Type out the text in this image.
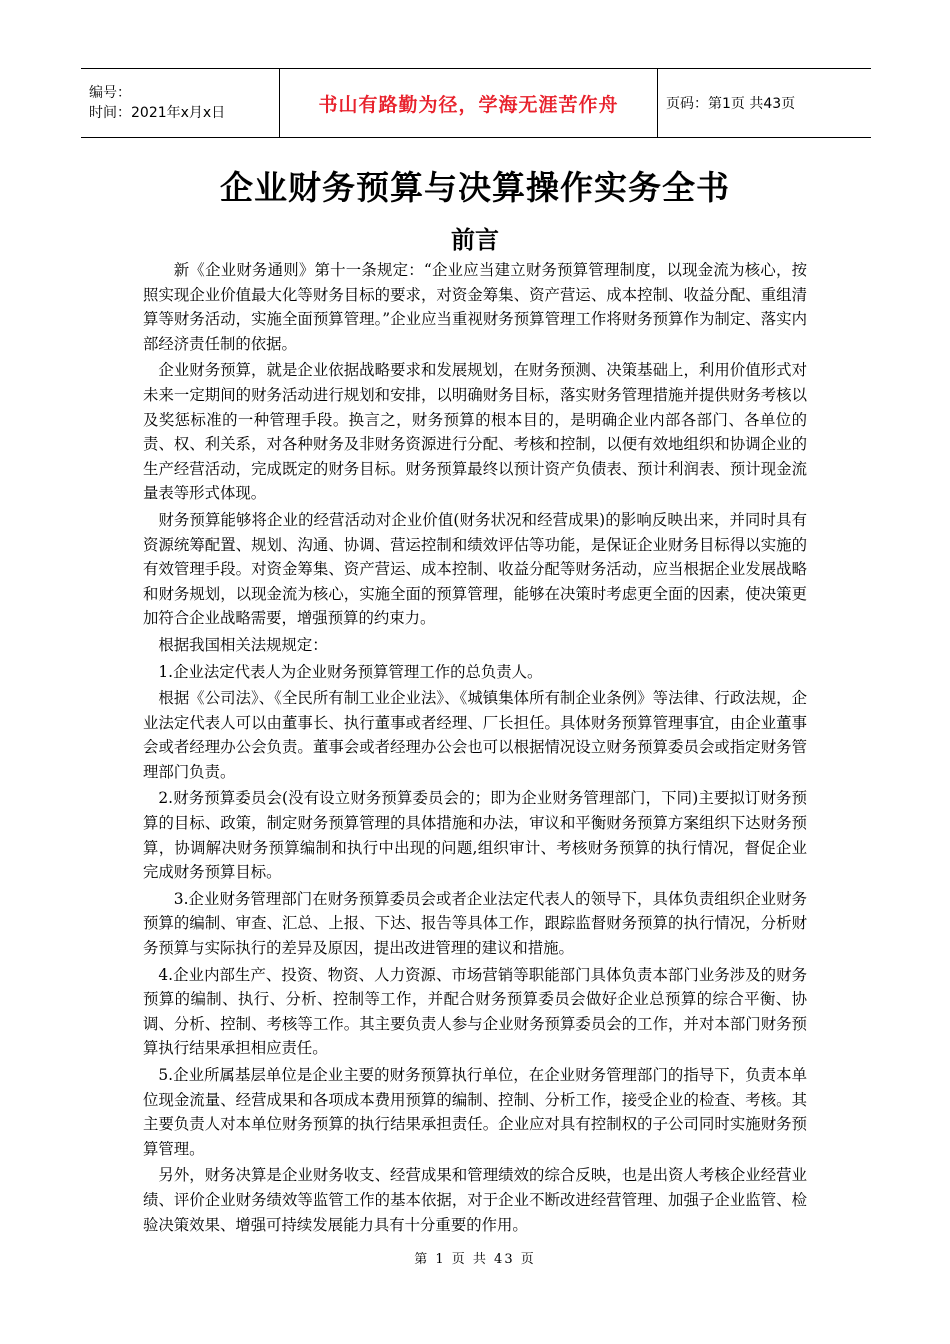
编号：
时间：2021年x月x日	书山有路勤为径，学海无涯苦作舟	页码：第1页 共43页
企业财务预算与决算操作实务全书
前言

新《企业财务通则》第十一条规定：“企业应当建立财务预算管理制度，以现金流为核心，按照实现企业价值最大化等财务目标的要求，对资金筹集、资产营运、成本控制、收益分配、重组清算等财务活动，实施全面预算管理。”企业应当重视财务预算管理工作将财务预算作为制定、落实内部经济责任制的依据。

企业财务预算，就是企业依据战略要求和发展规划，在财务预测、决策基础上，利用价值形式对未来一定期间的财务活动进行规划和安排，以明确财务目标，落实财务管理措施并提供财务考核以及奖惩标准的一种管理手段。换言之，财务预算的根本目的，是明确企业内部各部门、各单位的责、权、利关系，对各种财务及非财务资源进行分配、考核和控制，以便有效地组织和协调企业的生产经营活动，完成既定的财务目标。财务预算最终以预计资产负债表、预计利润表、预计现金流量表等形式体现。

财务预算能够将企业的经营活动对企业价值(财务状况和经营成果)的影响反映出来，并同时具有资源统筹配置、规划、沟通、协调、营运控制和绩效评估等功能，是保证企业财务目标得以实施的有效管理手段。对资金筹集、资产营运、成本控制、收益分配等财务活动，应当根据企业发展战略和财务规划，以现金流为核心，实施全面的预算管理，能够在决策时考虑更全面的因素，使决策更加符合企业战略需要，增强预算的约束力。

根据我国相关法规规定：

1.企业法定代表人为企业财务预算管理工作的总负责人。

根据《公司法》、《全民所有制工业企业法》、《城镇集体所有制企业条例》等法律、行政法规，企业法定代表人可以由董事长、执行董事或者经理、厂长担任。具体财务预算管理事宜，由企业董事会或者经理办公会负责。董事会或者经理办公会也可以根据情况设立财务预算委员会或指定财务管理部门负责。

2.财务预算委员会(没有设立财务预算委员会的；即为企业财务管理部门，下同)主要拟订财务预算的目标、政策，制定财务预算管理的具体措施和办法，审议和平衡财务预算方案组织下达财务预算，协调解决财务预算编制和执行中出现的问题,组织审计、考核财务预算的执行情况，督促企业完成财务预算目标。

3.企业财务管理部门在财务预算委员会或者企业法定代表人的领导下，具体负责组织企业财务预算的编制、审查、汇总、上报、下达、报告等具体工作，跟踪监督财务预算的执行情况，分析财务预算与实际执行的差异及原因，提出改进管理的建议和措施。

4.企业内部生产、投资、物资、人力资源、市场营销等职能部门具体负责本部门业务涉及的财务预算的编制、执行、分析、控制等工作，并配合财务预算委员会做好企业总预算的综合平衡、协调、分析、控制、考核等工作。其主要负责人参与企业财务预算委员会的工作，并对本部门财务预算执行结果承担相应责任。

5.企业所属基层单位是企业主要的财务预算执行单位，在企业财务管理部门的指导下，负责本单位现金流量、经营成果和各项成本费用预算的编制、控制、分析工作，接受企业的检查、考核。其主要负责人对本单位财务预算的执行结果承担责任。企业应对具有控制权的子公司同时实施财务预算管理。

另外，财务决算是企业财务收支、经营成果和管理绩效的综合反映，也是出资人考核企业经营业绩、评价企业财务绩效等监管工作的基本依据，对于企业不断改进经营管理、加强子企业监管、检验决策效果、增强可持续发展能力具有十分重要的作用。

第 1 页 共 43 页
